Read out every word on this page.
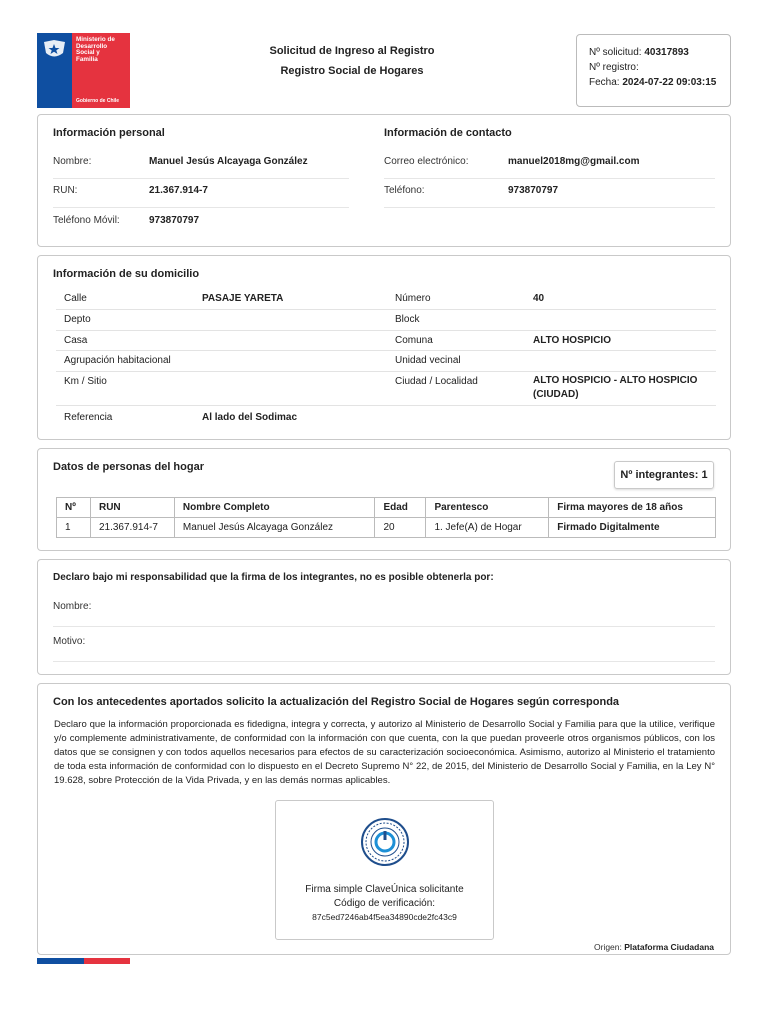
Ministerio de
Desarrollo
Social y
Familia
Gobierno de Chile
Solicitud de Ingreso al Registro
Registro Social de Hogares
Nº solicitud: 40317893
Nº registro:
Fecha: 2024-07-22 09:03:15
Información personal	Información de contacto
Nombre:	Manuel Jesús Alcayaga González	Correo electrónico:	manuel2018mg@gmail.com
RUN:	21.367.914-7	Teléfono:	973870797
Teléfono Móvil:	973870797
Información de su domicilio
Calle	PASAJE YARETA	Número	40
Depto		Block	
Casa		Comuna	ALTO HOSPICIO
Agrupación habitacional		Unidad vecinal	
Km / Sitio		Ciudad / Localidad	ALTO HOSPICIO - ALTO HOSPICIO (CIUDAD)
Referencia	Al lado del Sodimac		
Datos de personas del hogar
Nº integrantes: 1
Nº	RUN	Nombre Completo	Edad	Parentesco	Firma mayores de 18 años
1	21.367.914-7	Manuel Jesús Alcayaga González	20	1. Jefe(A) de Hogar	Firmado Digitalmente
Declaro bajo mi responsabilidad que la firma de los integrantes, no es posible obtenerla por:
Nombre:
Motivo:
Con los antecedentes aportados solicito la actualización del Registro Social de Hogares según corresponda
Declaro que la información proporcionada es fidedigna, integra y correcta, y autorizo al Ministerio de Desarrollo Social y Familia para que la utilice, verifique y/o complemente administrativamente, de conformidad con la información con que cuenta, con la que puedan proveerle otros organismos públicos, con los datos que se consignen y con todos aquellos necesarios para efectos de su caracterización socioeconómica. Asimismo, autorizo al Ministerio el tratamiento de toda esta información de conformidad con lo dispuesto en el Decreto Supremo N° 22, de 2015, del Ministerio de Desarrollo Social y Familia, en la Ley N° 19.628, sobre Protección de la Vida Privada, y en las demás normas aplicables.
Firma simple ClaveÚnica solicitante
Código de verificación:
87c5ed7246ab4f5ea34890cde2fc43c9
Origen: Plataforma Ciudadana
